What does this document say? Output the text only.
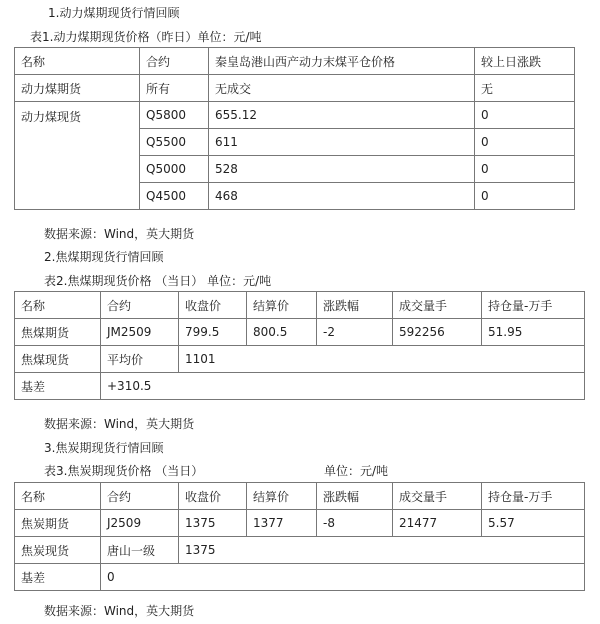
1.动力煤期现货行情回顾
表1.动力煤期现货价格（昨日）单位：元/吨
名称	合约	秦皇岛港山西产动力末煤平仓价格	较上日涨跌
动力煤期货	所有	无成交	无
动力煤现货	Q5800	655.12	0
	Q5500	611	0
	Q5000	528	0
	Q4500	468	0
数据来源：Wind，英大期货
2.焦煤期现货行情回顾
表2.焦煤期现货价格 （当日） 单位：元/吨
名称	合约	收盘价	结算价	涨跌幅	成交量手	持仓量-万手
焦煤期货	JM2509	799.5	800.5	-2	592256	51.95
焦煤现货	平均价	1101				
基差	+310.5					
数据来源：Wind，英大期货
3.焦炭期现货行情回顾
表3.焦炭期现货价格 （当日）	单位：元/吨
名称	合约	收盘价	结算价	涨跌幅	成交量手	持仓量-万手
焦炭期货	J2509	1375	1377	-8	21477	5.57
焦炭现货	唐山一级	1375				
基差	0					
数据来源：Wind，英大期货
